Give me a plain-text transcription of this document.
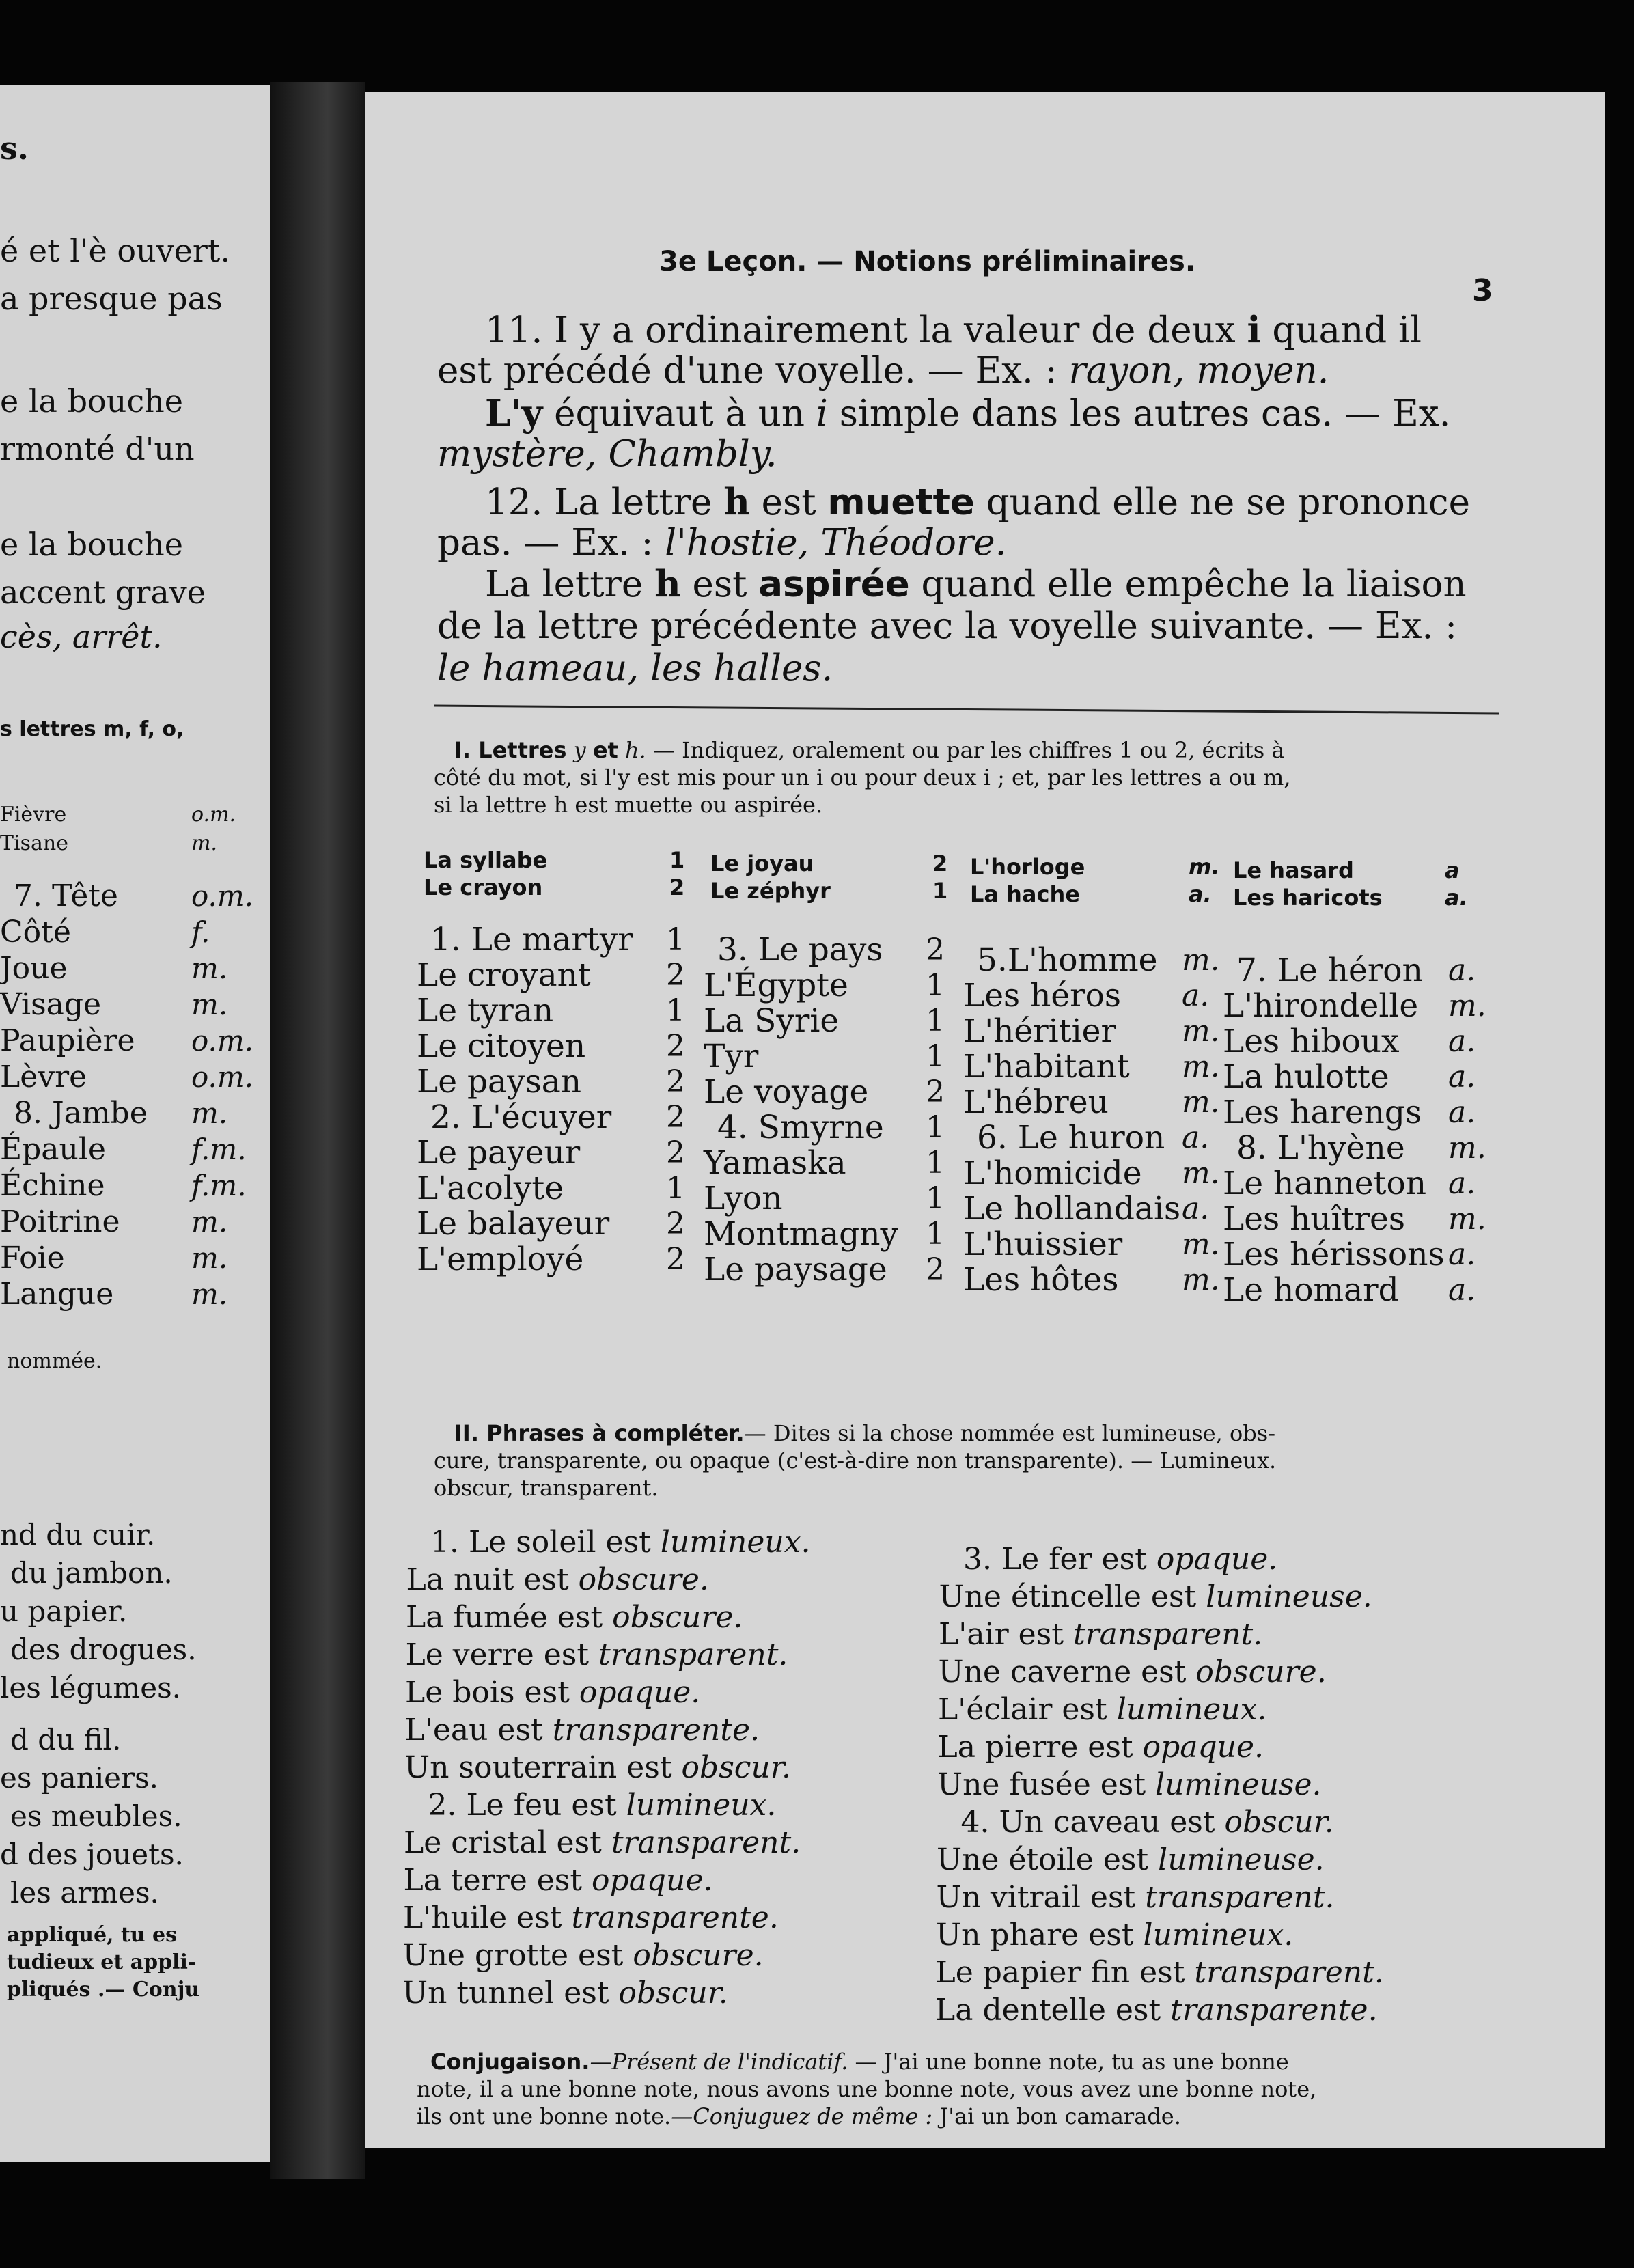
s.
é et l'è ouvert.
a presque pas
e la bouche
rmonté d'un
e la bouche
accent grave
cès, arrêt.
s lettres m, f, o,
Fièvre	o.m.
Tisane	m.
7. Tête	o.m.
Côté	f.
Joue	m.
Visage	m.
Paupière o.m.
Lèvre	o.m.
8. Jambe m.
Épaule	f.m.
Échine	f.m.
Poitrine m.
Foie	m.
Langue	m.
nommée.
nd du cuir.
du jambon.
u papier.
des drogues.
les légumes.
d du fil.
es paniers.
es meubles.
d des jouets.
les armes.
appliqué, tu es
tudieux et appli-
pliqués .— Conju
3e Leçon. — Notions préliminaires.
3
11. I y a ordinairement la valeur de deux i quand il
est précédé d'une voyelle. — Ex. : rayon, moyen.
L'y équivaut à un i simple dans les autres cas. — Ex.
mystère, Chambly.
12. La lettre h est muette quand elle ne se prononce
pas. — Ex. : l'hostie, Théodore.
La lettre h est aspirée quand elle empêche la liaison
de la lettre précédente avec la voyelle suivante. — Ex. :
le hameau, les halles.
I. Lettres y et h. — Indiquez, oralement ou par les chiffres 1 ou 2, écrits à
côté du mot, si l'y est mis pour un i ou pour deux i ; et, par les lettres a ou m,
si la lettre h est muette ou aspirée.
La syllabe	1 Le joyau	2 L'horloge	m. Le hasard	a
Le crayon	2 Le zéphyr	1 La hache	a. Les haricots	a.
1. Le martyr 1
Le croyant	2
Le tyran	1
Le citoyen	2
Le paysan	2
2. L'écuyer 2
Le payeur	2
L'acolyte	1
Le balayeur 2
L'employé	2
3. Le pays 2
L'Égypte	1
La Syrie	1
Tyr	1
Le voyage 2
4. Smyrne 1
Yamaska	1
Lyon	1
Montmagny 1
Le paysage 2
5.L'homme m.
Les héros a.
L'héritier m.
L'habitant m.
L'hébreu m.
6. Le huron a.
L'homicide m.
Le hollandais a.
L'huissier m.
Les hôtes m.
7. Le héron a.
L'hirondelle m.
Les hiboux a.
La hulotte a.
Les harengs a.
8. L'hyène m.
Le hanneton a.
Les huîtres m.
Les hérissons a.
Le homard a.
II. Phrases à compléter.— Dites si la chose nommée est lumineuse, obs-
cure, transparente, ou opaque (c'est-à-dire non transparente). — Lumineux.
obscur, transparent.
1. Le soleil est lumineux.
La nuit est obscure.
La fumée est obscure.
Le verre est transparent.
Le bois est opaque.
L'eau est transparente.
Un souterrain est obscur.
2. Le feu est lumineux.
Le cristal est transparent.
La terre est opaque.
L'huile est transparente.
Une grotte est obscure.
Un tunnel est obscur.
3. Le fer est opaque.
Une étincelle est lumineuse.
L'air est transparent.
Une caverne est obscure.
L'éclair est lumineux.
La pierre est opaque.
Une fusée est lumineuse.
4. Un caveau est obscur.
Une étoile est lumineuse.
Un vitrail est transparent.
Un phare est lumineux.
Le papier fin est transparent.
La dentelle est transparente.
Conjugaison.—Présent de l'indicatif. — J'ai une bonne note, tu as une bonne
note, il a une bonne note, nous avons une bonne note, vous avez une bonne note,
ils ont une bonne note.—Conjuguez de même : J'ai un bon camarade.
